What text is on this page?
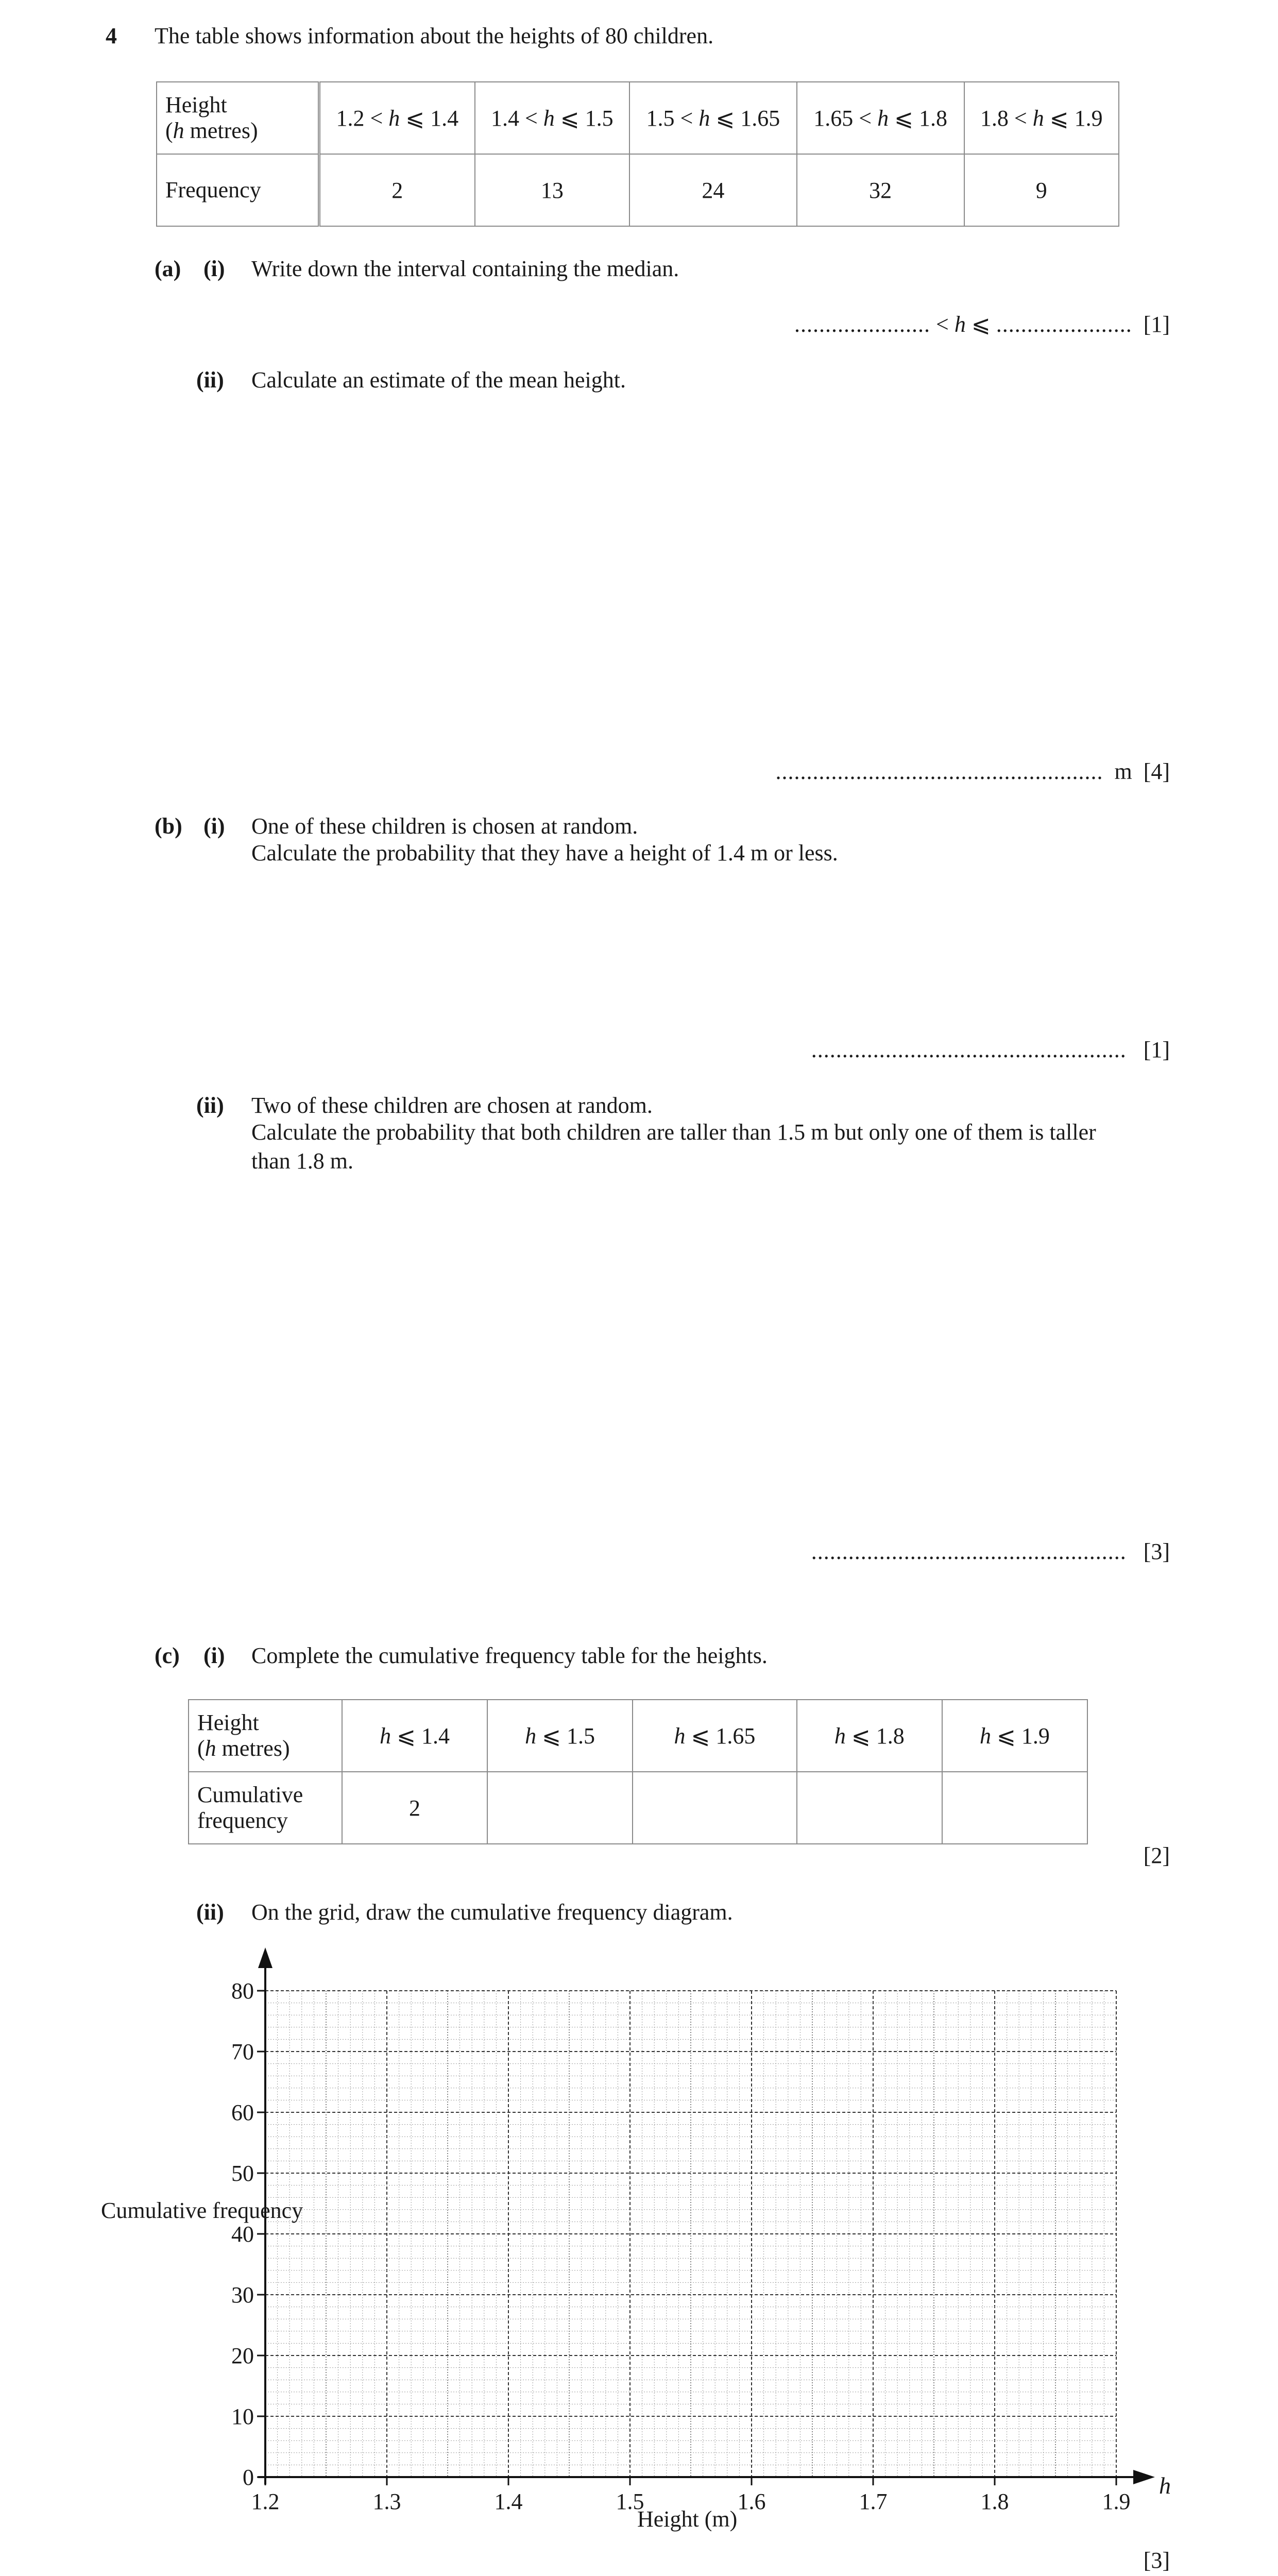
4 The table shows information about the heights of 80 children.
Height
(h metres)	1.2 < h ⩽ 1.4	1.4 < h ⩽ 1.5	1.5 < h ⩽ 1.65	1.65 < h ⩽ 1.8	1.8 < h ⩽ 1.9
Frequency	2	13	24	32	9
(a) (i) Write down the interval containing the median.
...................... < h ⩽ ...................... [1]
(ii) Calculate an estimate of the mean height.
..................................................... m [4]
(b) (i) One of these children is chosen at random.
Calculate the probability that they have a height of 1.4 m or less.
................................................... [1]
(ii) Two of these children are chosen at random.
Calculate the probability that both children are taller than 1.5 m but only one of them is taller
than 1.8 m.
................................................... [3]
(c) (i) Complete the cumulative frequency table for the heights.
Height
(h metres)	h ⩽ 1.4	h ⩽ 1.5	h ⩽ 1.65	h ⩽ 1.8	h ⩽ 1.9
Cumulative
frequency	2				
[2]
(ii) On the grid, draw the cumulative frequency diagram.
0
10
20
30
40
50
60
70
80
1.2	1.3	1.4	1.5	1.6	1.7	1.8	1.9
h
Cumulative frequency
Height (m)
[3]
